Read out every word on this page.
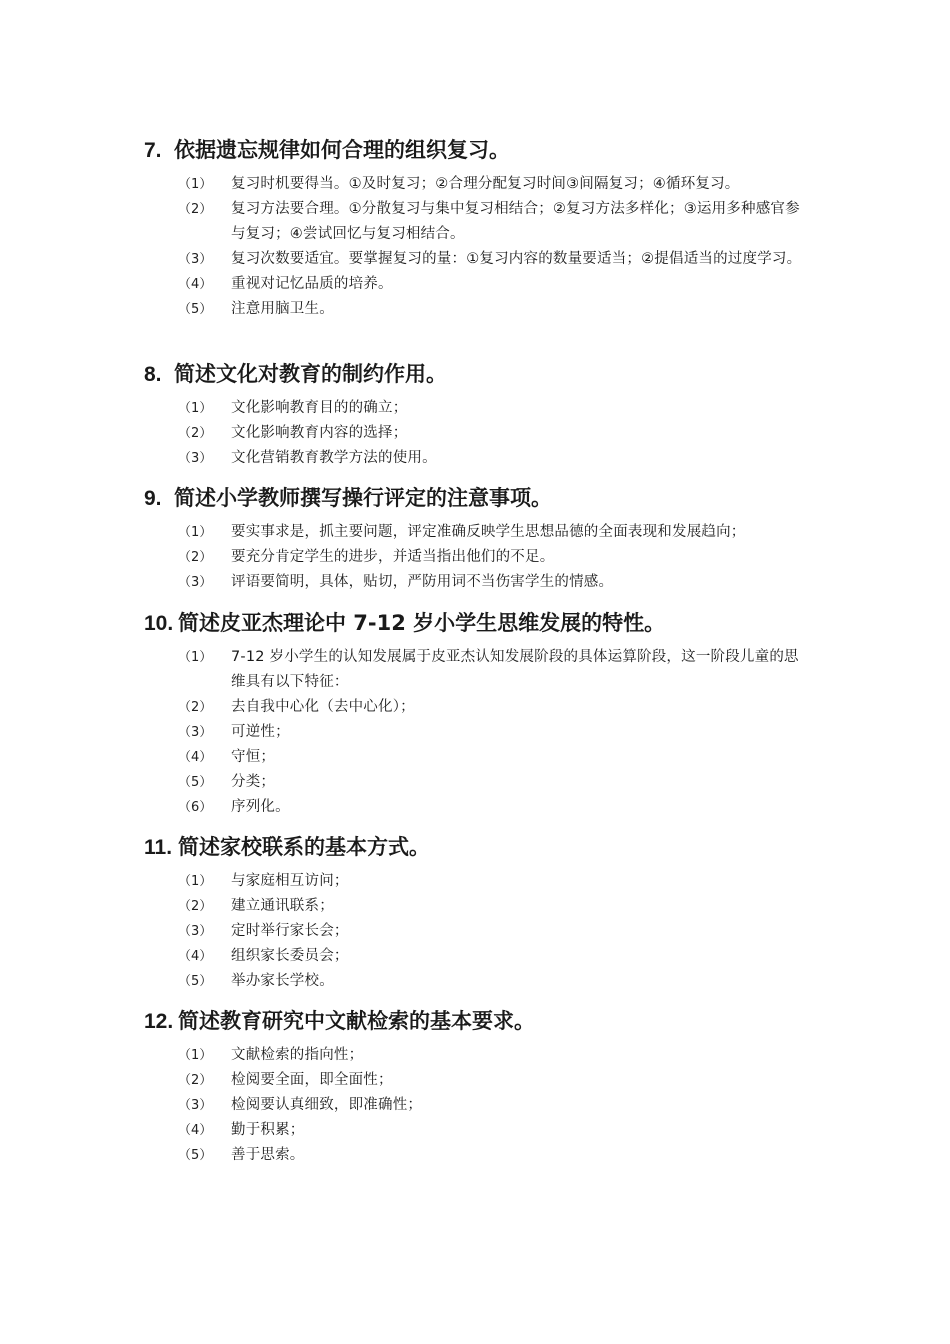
7. 依据遗忘规律如何合理的组织复习。
（1）	复习时机要得当。①及时复习；②合理分配复习时间③间隔复习；④循环复习。
（2）	复习方法要合理。①分散复习与集中复习相结合；②复习方法多样化；③运用多种感官参与复习；④尝试回忆与复习相结合。
（3）	复习次数要适宜。要掌握复习的量：①复习内容的数量要适当；②提倡适当的过度学习。
（4）	重视对记忆品质的培养。
（5）	注意用脑卫生。
8. 简述文化对教育的制约作用。
（1）	文化影响教育目的的确立；
（2）	文化影响教育内容的选择；
（3）	文化营销教育教学方法的使用。
9. 简述小学教师撰写操行评定的注意事项。
（1）	要实事求是，抓主要问题，评定准确反映学生思想品德的全面表现和发展趋向；
（2）	要充分肯定学生的进步，并适当指出他们的不足。
（3）	评语要简明，具体，贴切，严防用词不当伤害学生的情感。
10. 简述皮亚杰理论中 7-12 岁小学生思维发展的特性。
（1）	7-12 岁小学生的认知发展属于皮亚杰认知发展阶段的具体运算阶段，这一阶段儿童的思维具有以下特征：
（2）	去自我中心化（去中心化）；
（3）	可逆性；
（4）	守恒；
（5）	分类；
（6）	序列化。
11. 简述家校联系的基本方式。
（1）	与家庭相互访问；
（2）	建立通讯联系；
（3）	定时举行家长会；
（4）	组织家长委员会；
（5）	举办家长学校。
12. 简述教育研究中文献检索的基本要求。
（1）	文献检索的指向性；
（2）	检阅要全面，即全面性；
（3）	检阅要认真细致，即准确性；
（4）	勤于积累；
（5）	善于思索。
